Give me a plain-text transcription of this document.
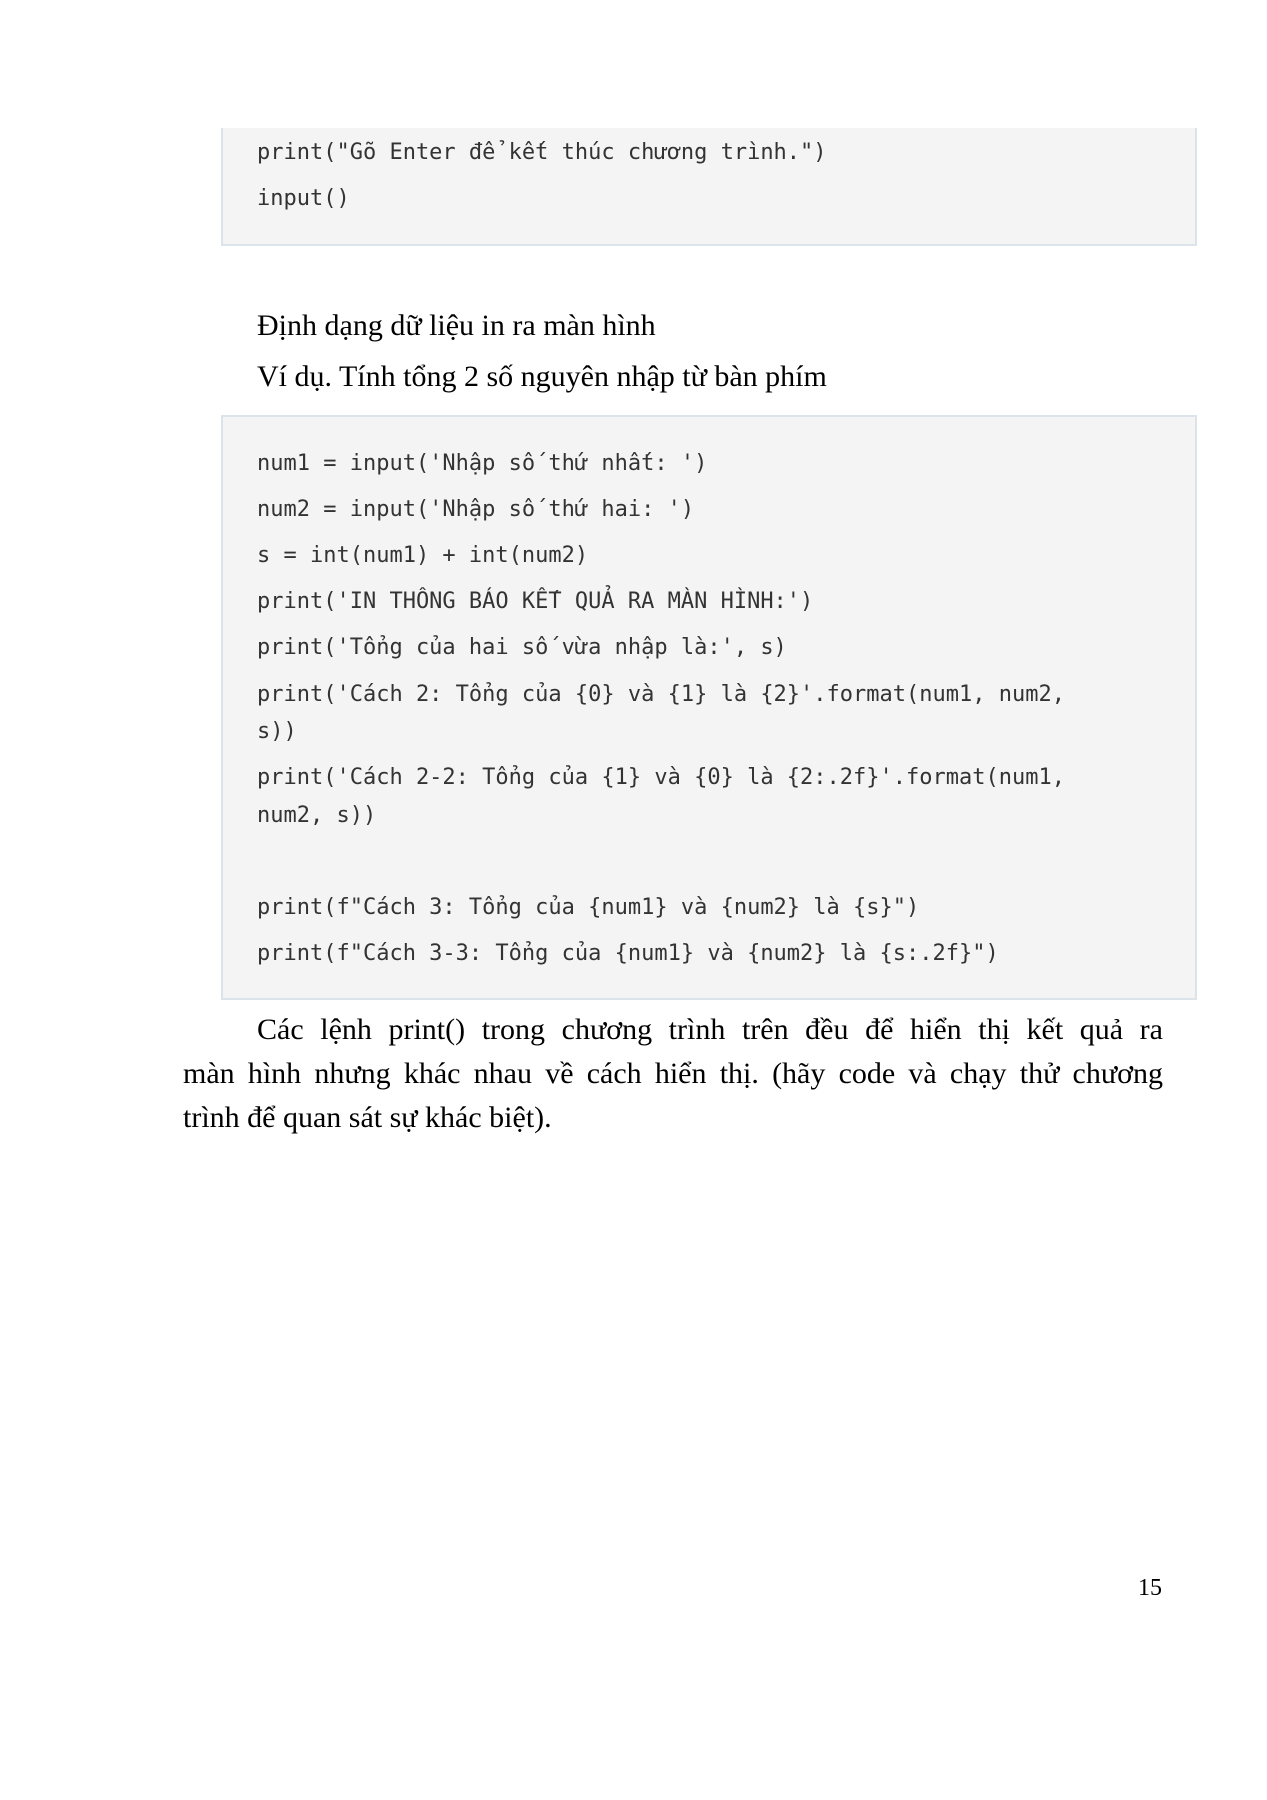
print("Gõ Enter để kết thúc chương trình.")
input()
Định dạng dữ liệu in ra màn hình
Ví dụ. Tính tổng 2 số nguyên nhập từ bàn phím
num1 = input('Nhập số thứ nhất: ')
num2 = input('Nhập số thứ hai: ')
s = int(num1) + int(num2)
print('IN THÔNG BÁO KẾT QUẢ RA MÀN HÌNH:')
print('Tổng của hai số vừa nhập là:', s)
print('Cách 2: Tổng của {0} và {1} là {2}'.format(num1, num2,
s))
print('Cách 2-2: Tổng của {1} và {0} là {2:.2f}'.format(num1,
num2, s))
print(f"Cách 3: Tổng của {num1} và {num2} là {s}")
print(f"Cách 3-3: Tổng của {num1} và {num2} là {s:.2f}")
Các lệnh print() trong chương trình trên đều để hiển thị kết quả ra
màn hình nhưng khác nhau về cách hiển thị. (hãy code và chạy thử chương
trình để quan sát sự khác biệt).
15
